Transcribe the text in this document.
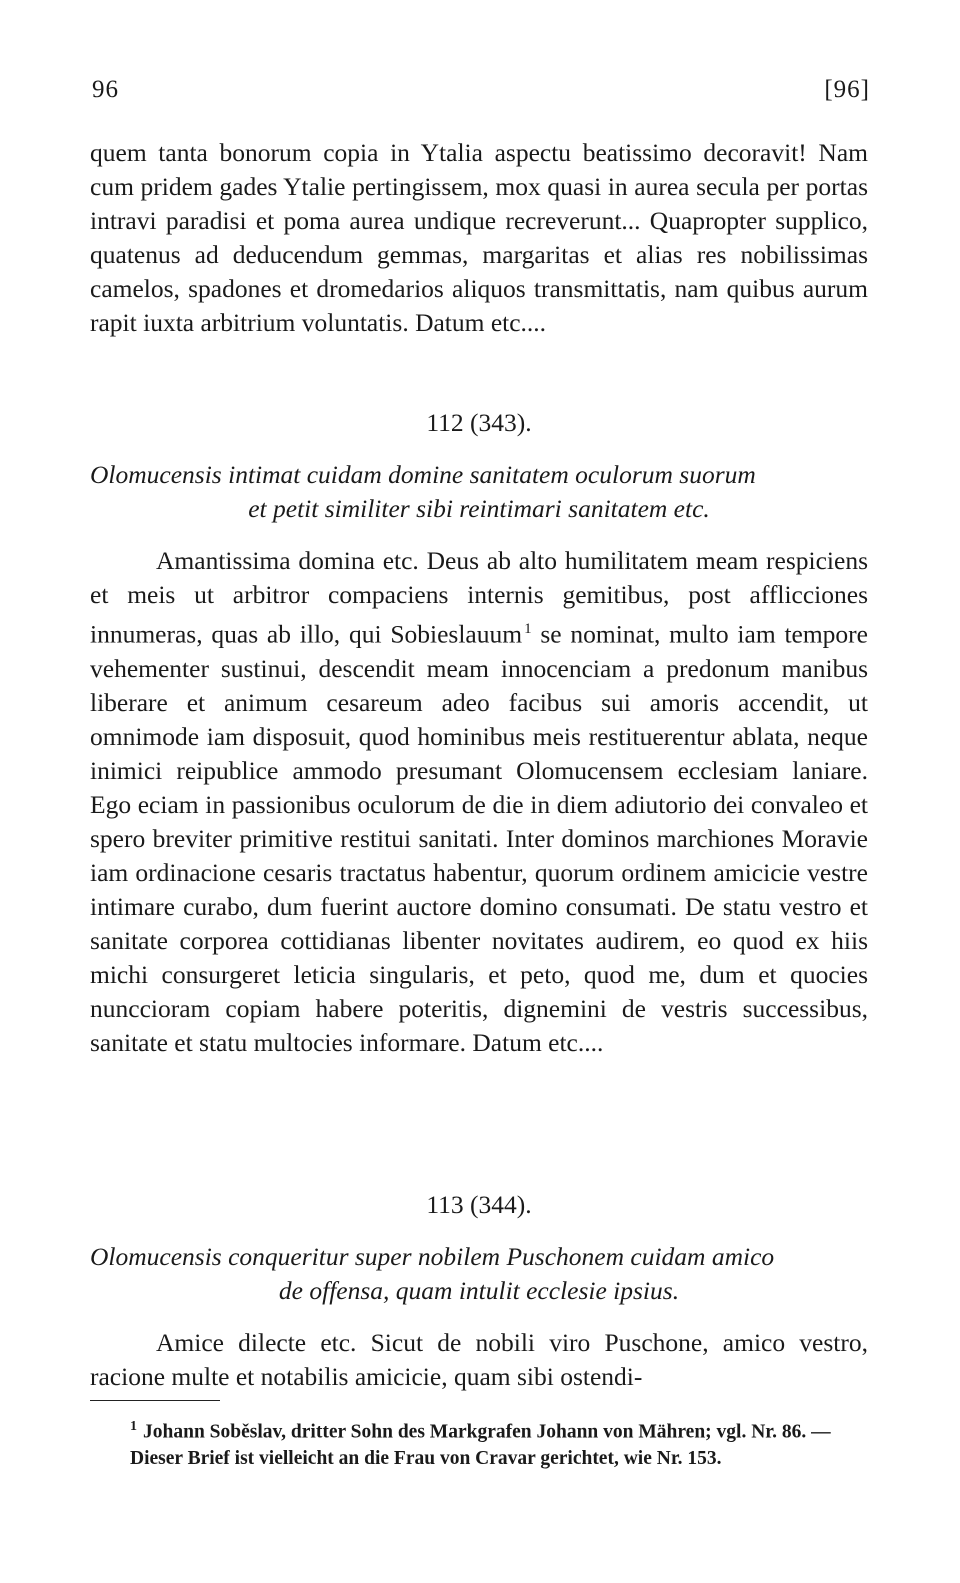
96	[96]

quem tanta bonorum copia in Ytalia aspectu beatissimo decoravit! Nam cum pridem gades Ytalie pertingissem, mox quasi in aurea secula per portas intravi paradisi et poma aurea undique recreverunt... Quapropter supplico, quatenus ad deducendum gemmas, margaritas et alias res nobilissimas camelos, spadones et dromedarios aliquos transmittatis, nam quibus aurum rapit iuxta arbitrium voluntatis. Datum etc....

112 (343).
Olomucensis intimat cuidam domine sanitatem oculorum suorum
et petit similiter sibi reintimari sanitatem etc.

Amantissima domina etc. Deus ab alto humilitatem meam respiciens et meis ut arbitror compaciens internis gemitibus, post afflicciones innumeras, quas ab illo, qui Sobieslauum $^1$ se nominat, multo iam tempore vehementer sustinui, descendit meam innocenciam a predonum manibus liberare et animum cesareum adeo facibus sui amoris accendit, ut omnimode iam disposuit, quod hominibus meis restituerentur ablata, neque inimici reipublice ammodo presumant Olomucensem ecclesiam laniare. Ego eciam in passionibus oculorum de die in diem adiutorio dei convaleo et spero breviter primitive restitui sanitati. Inter dominos marchiones Moravie iam ordinacione cesaris tractatus habentur, quorum ordinem amicicie vestre intimare curabo, dum fuerint auctore domino consumati. De statu vestro et sanitate corporea cottidianas libenter novitates audirem, eo quod ex hiis michi consurgeret leticia singularis, et peto, quod me, dum et quocies nunccioram copiam habere poteritis, dignemini de vestris successibus, sanitate et statu multocies informare. Datum etc....

113 (344).
Olomucensis conqueritur super nobilem Puschonem cuidam amico
de offensa, quam intulit ecclesie ipsius.

Amice dilecte etc. Sicut de nobili viro Puschone, amico vestro, racione multe et notabilis amicicie, quam sibi ostendi-

$^1$ Johann Soběslav, dritter Sohn des Markgrafen Johann von Mähren; vgl. Nr. 86. — Dieser Brief ist vielleicht an die Frau von Cravar gerichtet, wie Nr. 153.
